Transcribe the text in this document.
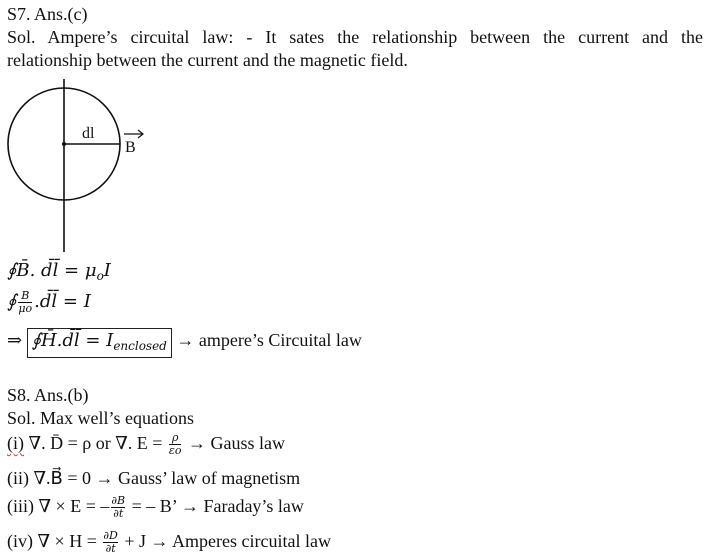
S7. Ans.(c)
Sol. Ampere’s circuital law: - It sates the relationship between the current and the
relationship between the current and the magnetic field.
dl
B
∮B̄. d̄l̄ = $\mu_oI$
∮ $\frac{B}{\mu o}$ .d̄l̄ = I
⇒ ∮H̄.d̄l̄ = $I_{enclosed}$ → ampere’s Circuital law
S8. Ans.(b)
Sol. Max well’s equations
(i) ∇. D̄ = ρ or ∇. $E = \frac{\rho}{\varepsilon o}$ → Gauss law
(ii) ∇.B⃗ = 0 → Gauss’ law of magnetism
(iii) ∇ × E = – $\frac{\partial B}{\partial t}$ = – B’ → Faraday’s law
(iv) ∇ × $H = \frac{\partial D}{\partial t} + J$ → Amperes circuital law
